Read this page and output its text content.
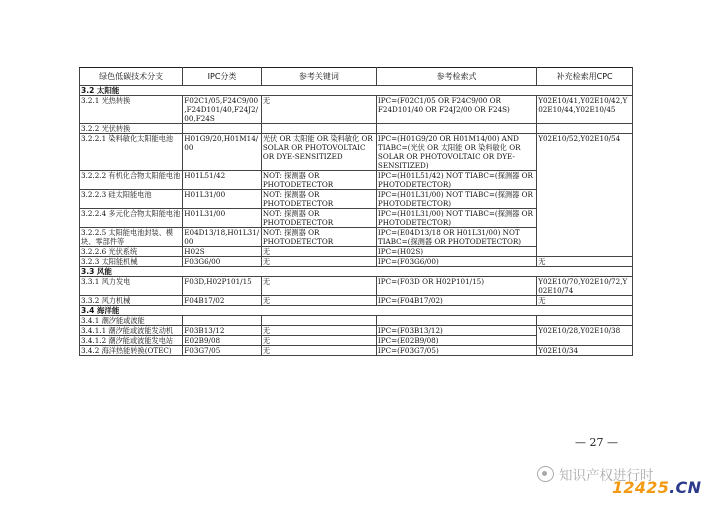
绿色低碳技术分支	IPC分类	参考关键词	参考检索式	补充检索用CPC
3.2 太阳能				
3.2.1 光热转换	F02C1/05,F24C9/00,F24D101/40,F24J2/00,F24S	无	IPC=(F02C1/05 OR F24C9/00 OR F24D101/40 OR F24J2/00 OR F24S)	Y02E10/41,Y02E10/42,Y02E10/44,Y02E10/45
3.2.2 光伏转换				
3.2.2.1 染料敏化太阳能电池	H01G9/20,H01M14/00	光伏 OR 太阳能 OR 染料敏化 OR SOLAR OR PHOTOVOLTAIC OR DYE-SENSITIZED	IPC=(H01G9/20 OR H01M14/00) AND TIABC=(光伏 OR 太阳能 OR 染料敏化 OR SOLAR OR PHOTOVOLTAIC OR DYE-SENSITIZED)	Y02E10/52,Y02E10/54
3.2.2.2 有机化合物太阳能电池	H01L51/42	NOT: 探测器 OR PHOTODETECTOR	IPC=(H01L51/42) NOT TIABC=(探测器 OR PHOTODETECTOR)	
3.2.2.3 硅太阳能电池	H01L31/00	NOT: 探测器 OR PHOTODETECTOR	IPC=(H01L31/00) NOT TIABC=(探测器 OR PHOTODETECTOR)	
3.2.2.4 多元化合物太阳能电池	H01L31/00	NOT: 探测器 OR PHOTODETECTOR	IPC=(H01L31/00) NOT TIABC=(探测器 OR PHOTODETECTOR)	
3.2.2.5 太阳能电池封装、模块、零部件等	E04D13/18,H01L31/00	NOT: 探测器 OR PHOTODETECTOR	IPC=(E04D13/18 OR H01L31/00) NOT TIABC=(探测器 OR PHOTODETECTOR)	
3.2.2.6 光伏系统	H02S	无	IPC=(H02S)	
3.2.3 太阳能机械	F03G6/00	无	IPC=(F03G6/00)	无
3.3 风能				
3.3.1 风力发电	F03D,H02P101/15	无	IPC=(F03D OR H02P101/15)	Y02E10/70,Y02E10/72,Y02E10/74
3.3.2 风力机械	F04B17/02	无	IPC=(F04B17/02)	无
3.4 海洋能				
3.4.1 潮汐能或波能				
3.4.1.1 潮汐能或波能发动机	F03B13/12	无	IPC=(F03B13/12)	Y02E10/28,Y02E10/38
3.4.1.2 潮汐能或波能发电站	E02B9/08	无	IPC=(E02B9/08)	
3.4.2 海洋热能转换(OTEC)	F03G7/05	无	IPC=(F03G7/05)	Y02E10/34
— 27 —
知识产权进行时
12425.CN
